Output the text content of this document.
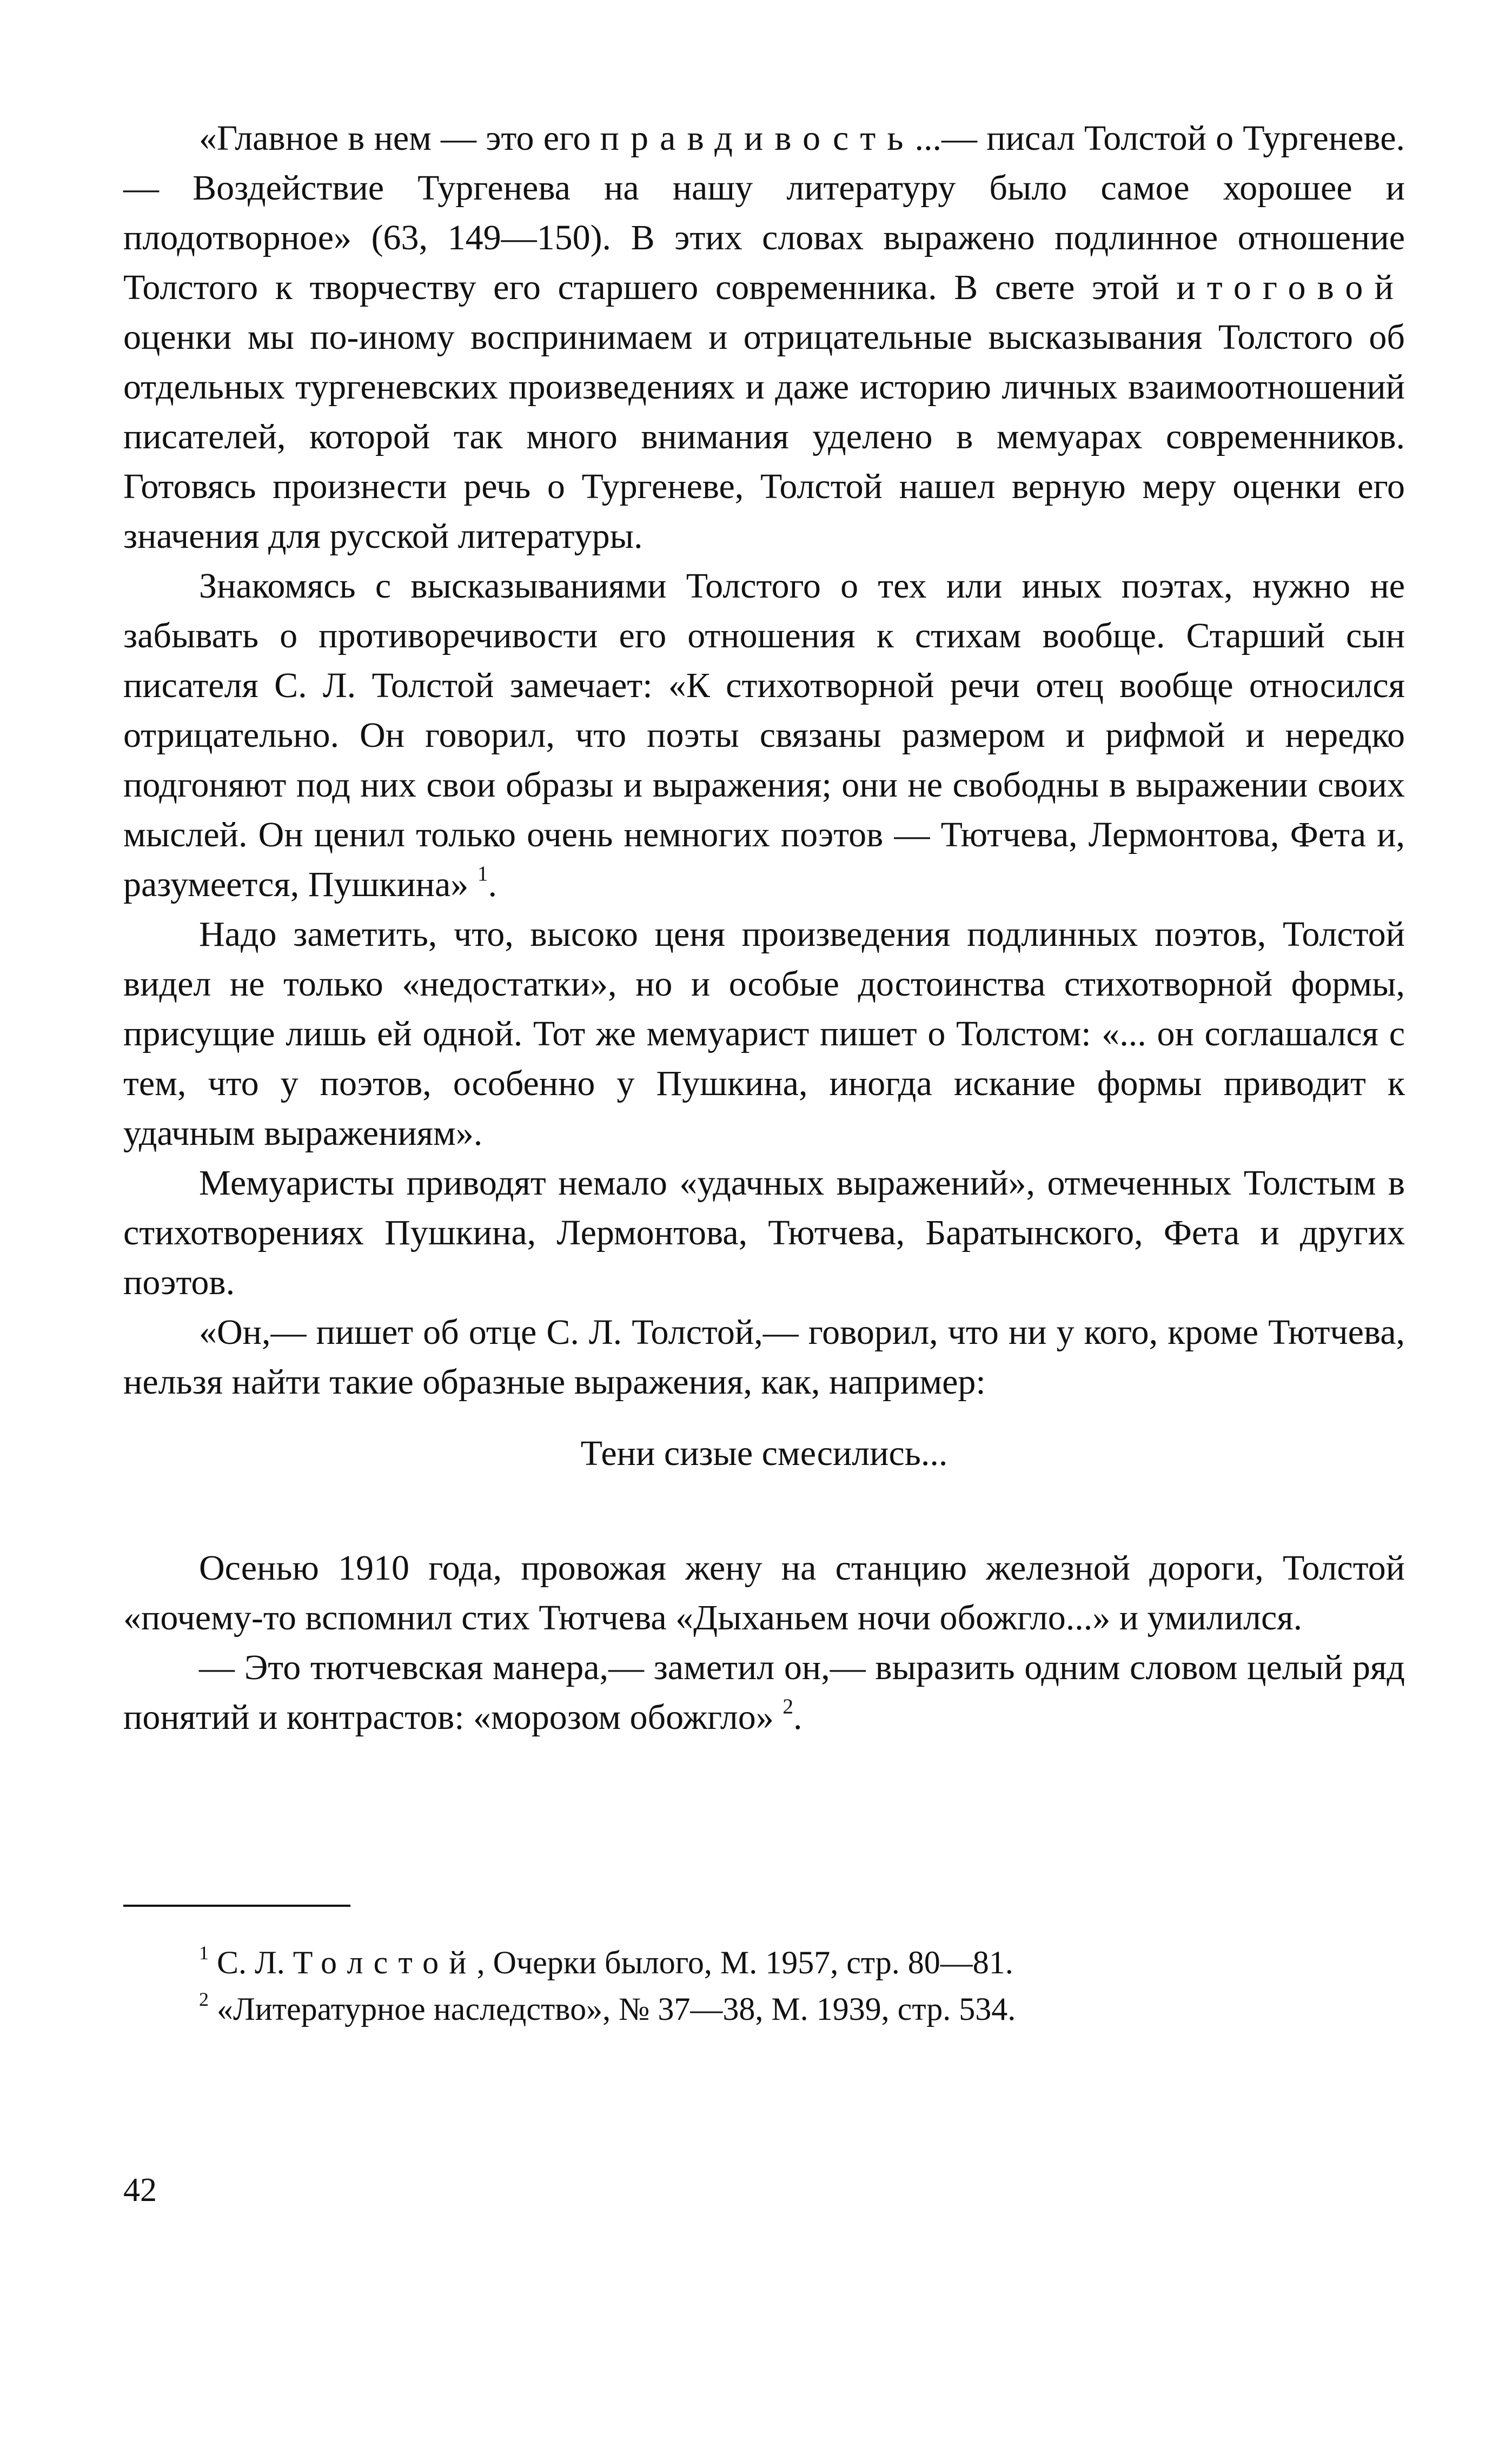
«Главное в нем — это его правдивость...— писал Толстой о Тургеневе.— Воздействие Тургенева на нашу литературу было самое хорошее и плодотворное» (63, 149—150). В этих словах выражено подлинное отношение Толстого к творчеству его старшего современника. В свете этой итоговой оценки мы по-иному воспринимаем и отрицательные высказывания Толстого об отдельных тургеневских произведениях и даже историю личных взаимоотношений писателей, которой так много внимания уделено в мемуарах современников. Готовясь произнести речь о Тургеневе, Толстой нашел верную меру оценки его значения для русской литературы.

Знакомясь с высказываниями Толстого о тех или иных поэтах, нужно не забывать о противоречивости его отношения к стихам вообще. Старший сын писателя С. Л. Толстой замечает: «К стихотворной речи отец вообще относился отрицательно. Он говорил, что поэты связаны размером и рифмой и нередко подгоняют под них свои образы и выражения; они не свободны в выражении своих мыслей. Он ценил только очень немногих поэтов — Тютчева, Лермонтова, Фета и, разумеется, Пушкина» $^1$.

Надо заметить, что, высоко ценя произведения подлинных поэтов, Толстой видел не только «недостатки», но и особые достоинства стихотворной формы, присущие лишь ей одной. Тот же мемуарист пишет о Толстом: «... он соглашался с тем, что у поэтов, особенно у Пушкина, иногда искание формы приводит к удачным выражениям».

Мемуаристы приводят немало «удачных выражений», отмеченных Толстым в стихотворениях Пушкина, Лермонтова, Тютчева, Баратынского, Фета и других поэтов.

«Он,— пишет об отце С. Л. Толстой,— говорил, что ни у кого, кроме Тютчева, нельзя найти такие образные выражения, как, например:

Тени сизые смесились...

Осенью 1910 года, провожая жену на станцию железной дороги, Толстой «почему-то вспомнил стих Тютчева «Дыханьем ночи обожгло...» и умилился.

— Это тютчевская манера,— заметил он,— выразить одним словом целый ряд понятий и контрастов: «морозом обожгло» $^2$.

$^1$ С. Л. Толстой, Очерки былого, М. 1957, стр. 80—81.

$^2$ «Литературное наследство», № 37—38, М. 1939, стр. 534.

42
